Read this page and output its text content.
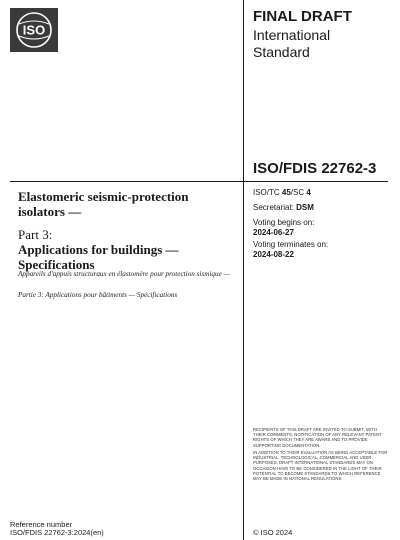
ISO
FINAL DRAFT
International
Standard
ISO/FDIS 22762-3
ISO/TC 45/SC 4
Secretariat: DSM
Voting begins on:
2024-06-27
Voting terminates on:
2024-08-22
Elastomeric seismic-protection isolators —
Part 3:
Applications for buildings — Specifications
Appareils d'appuis structuraux en élastomère pour protection sismique —
Partie 3: Applications pour bâtiments — Spécifications
RECIPIENTS OF THIS DRAFT ARE INVITED TO SUBMIT, WITH THEIR COMMENTS, NOTIFICATION OF ANY RELEVANT PATENT RIGHTS OF WHICH THEY ARE AWARE AND TO PROVIDE SUPPORTING DOCUMENTATION.
IN ADDITION TO THEIR EVALUATION AS BEING ACCEPTABLE FOR INDUSTRIAL, TECHNOLOGICAL, COMMERCIAL AND USER PURPOSES, DRAFT INTERNATIONAL STANDARDS MAY ON OCCASION HAVE TO BE CONSIDERED IN THE LIGHT OF THEIR POTENTIAL TO BECOME STANDARDS TO WHICH REFERENCE MAY BE MADE IN NATIONAL REGULATIONS.
Reference number
ISO/FDIS 22762-3:2024(en)	© ISO 2024
